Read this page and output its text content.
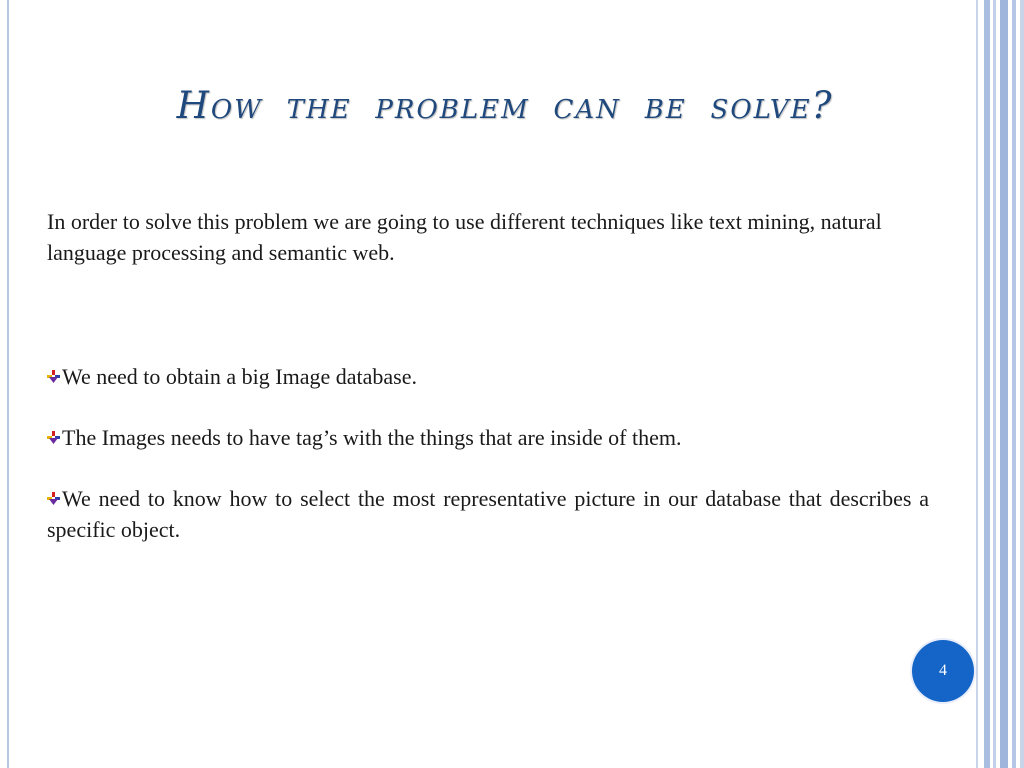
How the problem can be solve?
In order to solve this problem we are going to use different techniques like text mining, natural language processing and semantic web.
We need to obtain a big Image database.
The Images needs to have tag’s with the things that are inside of them.
We need to know how to select the most representative picture in our database that describes a specific object.
4
